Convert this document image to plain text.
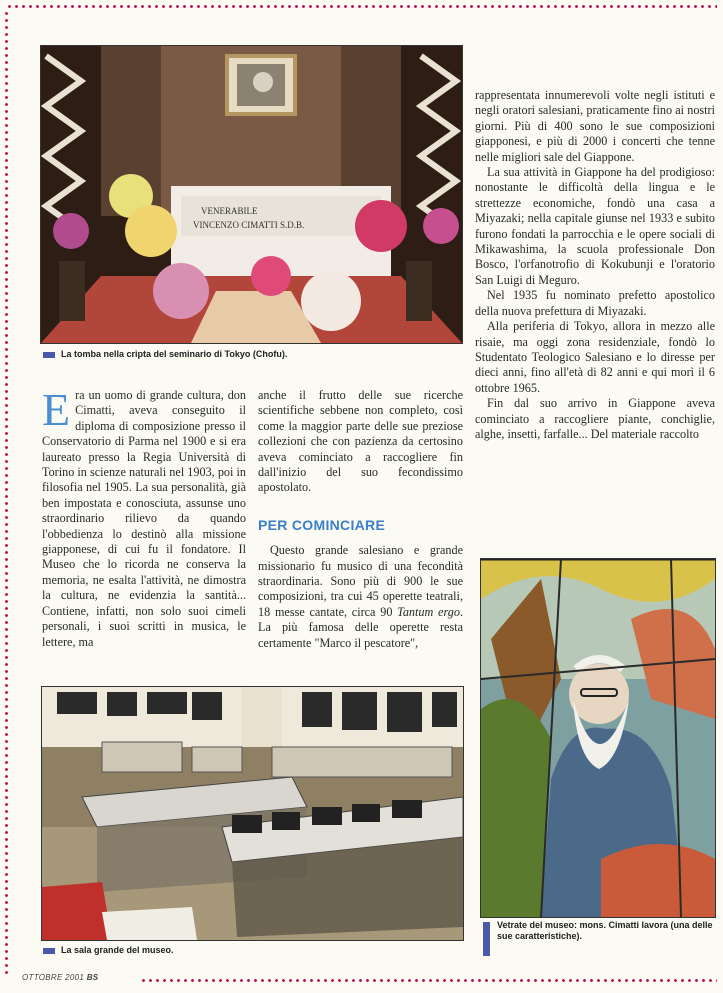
VENERABILE
VINCENZO CIMATTI S.D.B.
La tomba nella cripta del seminario di Tokyo (Chofu).

Era un uomo di grande cultura, don Cimatti, aveva conseguito il diploma di composizione presso il Conservatorio di Parma nel 1900 e si era laureato presso la Regia Università di Torino in scienze naturali nel 1903, poi in filosofia nel 1905. La sua personalità, già ben impostata e conosciuta, assunse uno straordinario rilievo da quando l'obbedienza lo destinò alla missione giapponese, di cui fu il fondatore. Il Museo che lo ricorda ne conserva la memoria, ne esalta l'attività, ne dimostra la cultura, ne evidenzia la santità... Contiene, infatti, non solo suoi cimeli personali, i suoi scritti in musica, le lettere, ma

anche il frutto delle sue ricerche scientifiche sebbene non completo, così come la maggior parte delle sue preziose collezioni che con pazienza da certosino aveva cominciato a raccogliere fin dall'inizio del suo fecondissimo apostolato.

PER COMINCIARE

Questo grande salesiano e grande missionario fu musico di una fecondità straordinaria. Sono più di 900 le sue composizioni, tra cui 45 operette teatrali, 18 messe cantate, circa 90 Tantum ergo. La più famosa delle operette resta certamente "Marco il pescatore",

rappresentata innumerevoli volte negli istituti e negli oratori salesiani, praticamente fino ai nostri giorni. Più di 400 sono le sue composizioni giapponesi, e più di 2000 i concerti che tenne nelle migliori sale del Giappone.

La sua attività in Giappone ha del prodigioso: nonostante le difficoltà della lingua e le strettezze economiche, fondò una casa a Miyazaki; nella capitale giunse nel 1933 e subito furono fondati la parrocchia e le opere sociali di Mikawashima, la scuola professionale Don Bosco, l'orfanotrofio di Kokubunji e l'oratorio San Luigi di Meguro.

Nel 1935 fu nominato prefetto apostolico della nuova prefettura di Miyazaki.

Alla periferia di Tokyo, allora in mezzo alle risaie, ma oggi zona residenziale, fondò lo Studentato Teologico Salesiano e lo diresse per dieci anni, fino all'età di 82 anni e qui morì il 6 ottobre 1965.

Fin dal suo arrivo in Giappone aveva cominciato a raccogliere piante, conchiglie, alghe, insetti, farfalle... Del materiale raccolto

Vetrate del museo: mons. Cimatti lavora (una delle sue caratteristiche).
La sala grande del museo.
OTTOBRE 2001 BS
